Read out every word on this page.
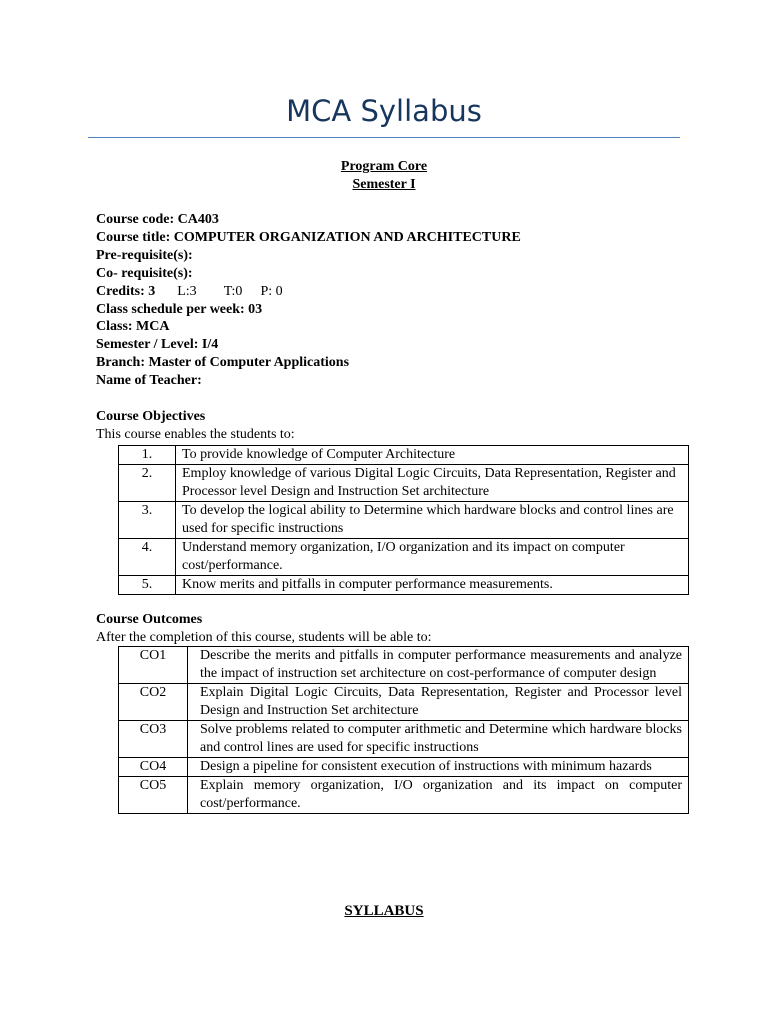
MCA Syllabus
Program Core
Semester I
Course code: CA403
Course title: COMPUTER ORGANIZATION AND ARCHITECTURE
Pre-requisite(s):
Co- requisite(s):
Credits: 3 L:3 T:0 P: 0
Class schedule per week: 03
Class: MCA
Semester / Level: I/4
Branch: Master of Computer Applications
Name of Teacher:
Course Objectives
This course enables the students to:
1.	To provide knowledge of Computer Architecture
2.	Employ knowledge of various Digital Logic Circuits, Data Representation, Register and Processor level Design and Instruction Set architecture
3.	To develop the logical ability to Determine which hardware blocks and control lines are used for specific instructions
4.	Understand memory organization, I/O organization and its impact on computer cost/performance.
5.	Know merits and pitfalls in computer performance measurements.
Course Outcomes
After the completion of this course, students will be able to:
CO1	Describe the merits and pitfalls in computer performance measurements and analyze the impact of instruction set architecture on cost-performance of computer design
CO2	Explain Digital Logic Circuits, Data Representation, Register and Processor level Design and Instruction Set architecture
CO3	Solve problems related to computer arithmetic and Determine which hardware blocks and control lines are used for specific instructions
CO4	Design a pipeline for consistent execution of instructions with minimum hazards
CO5	Explain memory organization, I/O organization and its impact on computer cost/performance.
SYLLABUS
